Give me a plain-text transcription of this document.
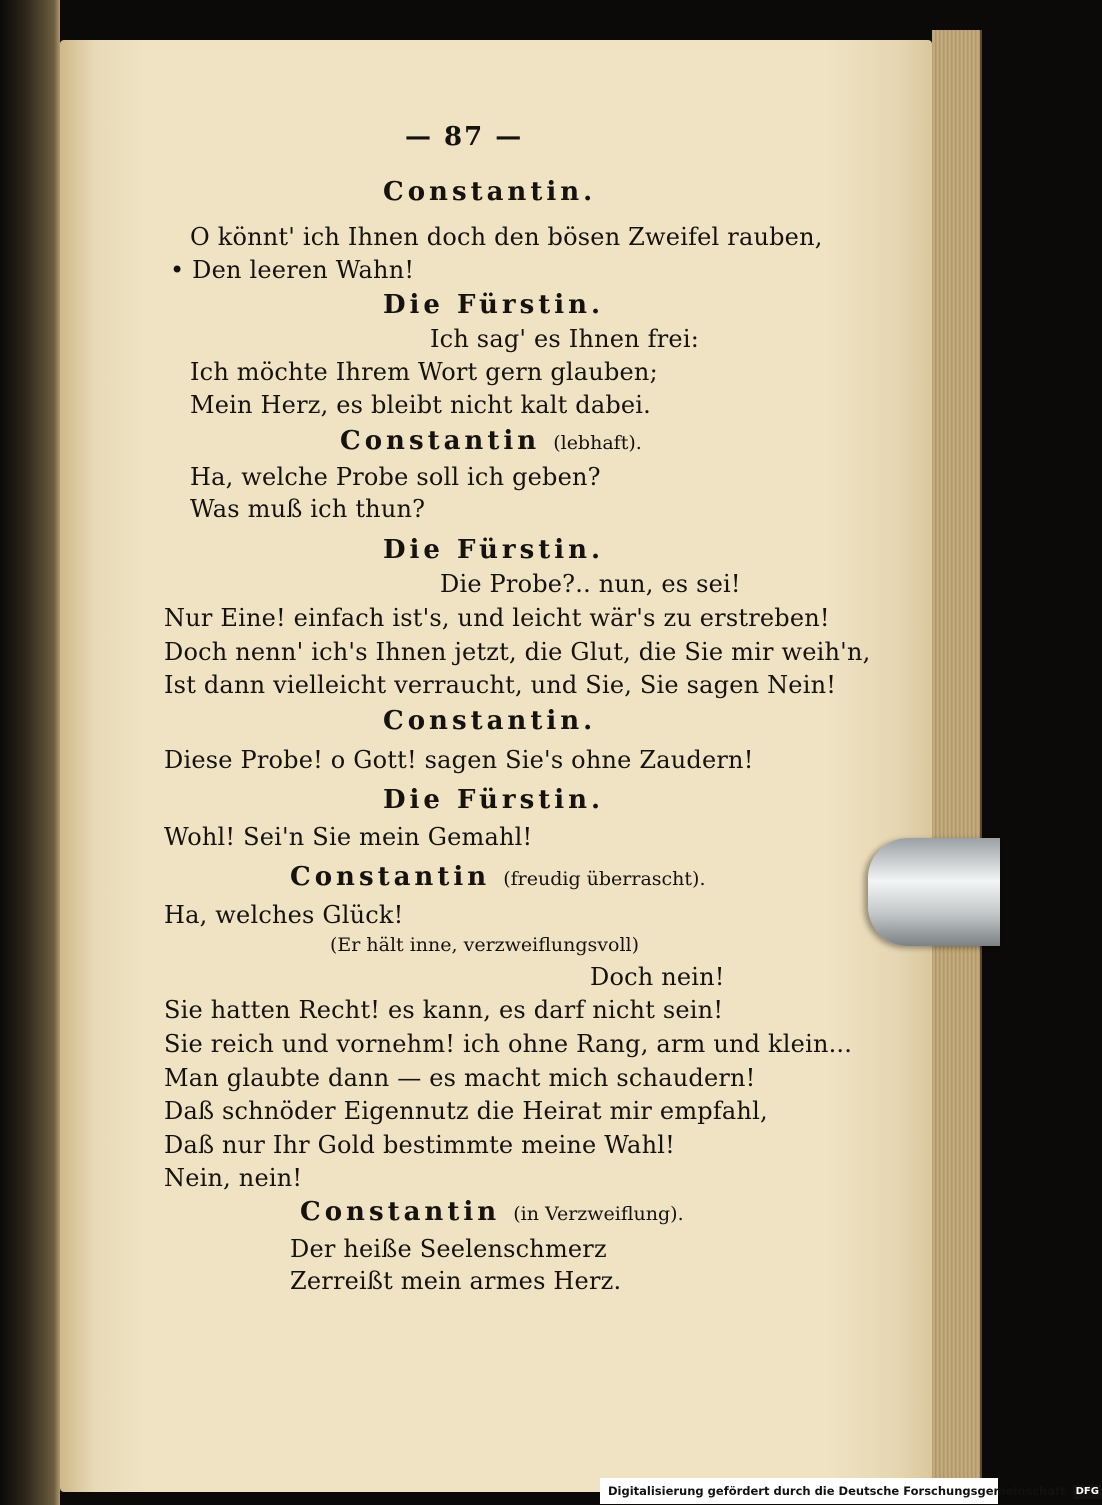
— 87 —
Constantin.
O könnt' ich Ihnen doch den bösen Zweifel rauben,
• Den leeren Wahn!
Die Fürstin.
Ich sag' es Ihnen frei:
Ich möchte Ihrem Wort gern glauben;
Mein Herz, es bleibt nicht kalt dabei.
Constantin (lebhaft).
Ha, welche Probe soll ich geben?
Was muß ich thun?
Die Fürstin.
Die Probe?.. nun, es sei!
Nur Eine! einfach ist's, und leicht wär's zu erstreben!
Doch nenn' ich's Ihnen jetzt, die Glut, die Sie mir weih'n,
Ist dann vielleicht verraucht, und Sie, Sie sagen Nein!
Constantin.
Diese Probe! o Gott! sagen Sie's ohne Zaudern!
Die Fürstin.
Wohl! Sei'n Sie mein Gemahl!
Constantin (freudig überrascht).
Ha, welches Glück!
(Er hält inne, verzweiflungsvoll)
Doch nein!
Sie hatten Recht! es kann, es darf nicht sein!
Sie reich und vornehm! ich ohne Rang, arm und klein...
Man glaubte dann — es macht mich schaudern!
Daß schnöder Eigennutz die Heirat mir empfahl,
Daß nur Ihr Gold bestimmte meine Wahl!
Nein, nein!
Constantin (in Verzweiflung).
Der heiße Seelenschmerz
Zerreißt mein armes Herz.
Digitalisierung gefördert durch die Deutsche Forschungsgemeinschaft DFG
